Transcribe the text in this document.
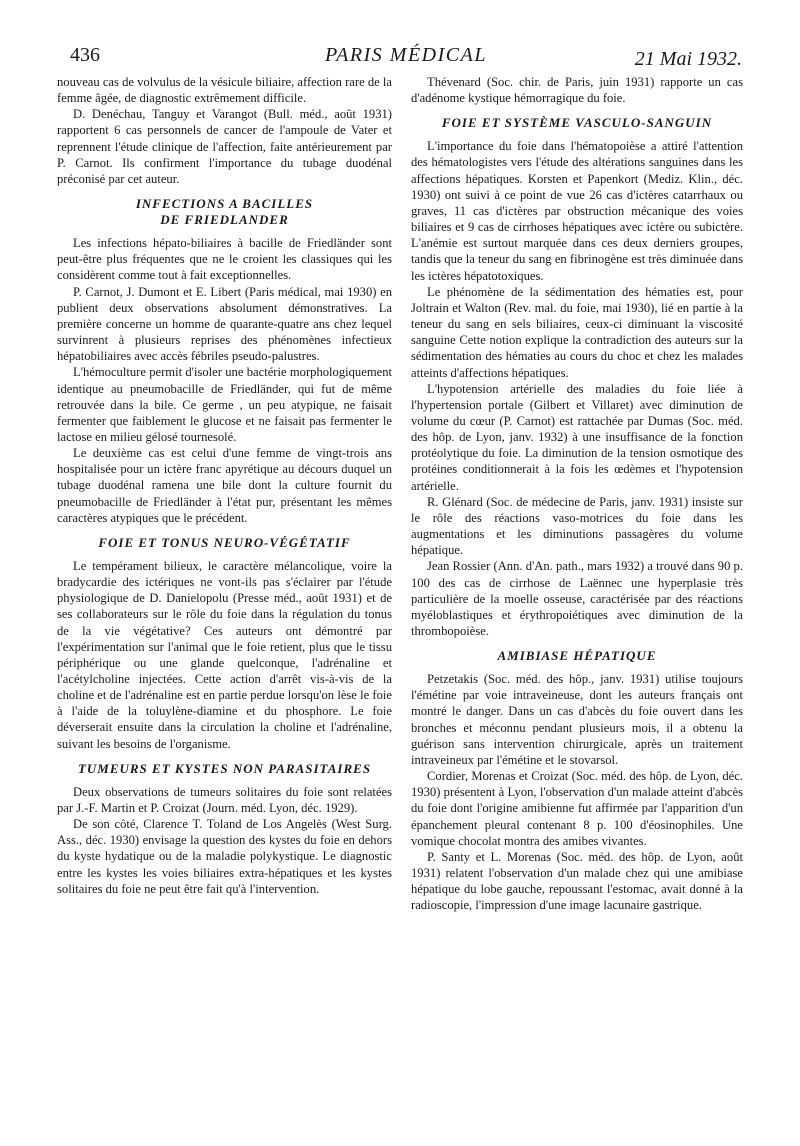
436	PARIS MÉDICAL	21 Mai 1932.

nouveau cas de volvulus de la vésicule biliaire, affection rare de la femme âgée, de diagnostic extrêmement difficile.

D. Denéchau, Tanguy et Varangot (Bull. méd., août 1931) rapportent 6 cas personnels de cancer de l'ampoule de Vater et reprennent l'étude clinique de l'affection, faite antérieurement par P. Carnot. Ils confirment l'importance du tubage duodénal préconisé par cet auteur.

INFECTIONS A BACILLES
DE FRIEDLANDER

Les infections hépato-biliaires à bacille de Friedländer sont peut-être plus fréquentes que ne le croient les classiques qui les considèrent comme tout à fait exceptionnelles.

P. Carnot, J. Dumont et E. Libert (Paris médical, mai 1930) en publient deux observations absolument démonstratives. La première concerne un homme de quarante-quatre ans chez lequel survinrent à plusieurs reprises des phénomènes infectieux hépatobiliaires avec accès fébriles pseudo-palustres.

L'hémoculture permit d'isoler une bactérie morphologiquement identique au pneumobacille de Friedländer, qui fut de même retrouvée dans la bile. Ce germe , un peu atypique, ne faisait fermenter que faiblement le glucose et ne faisait pas fermenter le lactose en milieu gélosé tournesolé.

Le deuxième cas est celui d'une femme de vingt-trois ans hospitalisée pour un ictère franc apyrétique au décours duquel un tubage duodénal ramena une bile dont la culture fournit du pneumobacille de Friedländer à l'état pur, présentant les mêmes caractères atypiques que le précédent.

FOIE ET TONUS NEURO-VÉGÉTATIF

Le tempérament bilieux, le caractère mélancolique, voire la bradycardie des ictériques ne vont-ils pas s'éclairer par l'étude physiologique de D. Danielopolu (Presse méd., août 1931) et de ses collaborateurs sur le rôle du foie dans la régulation du tonus de la vie végétative? Ces auteurs ont démontré par l'expérimentation sur l'animal que le foie retient, plus que le tissu périphérique ou une glande quelconque, l'adrénaline et l'acétylcholine injectées. Cette action d'arrêt vis-à-vis de la choline et de l'adrénaline est en partie perdue lorsqu'on lèse le foie à l'aide de la toluylène-diamine et du phosphore. Le foie déverserait ensuite dans la circulation la choline et l'adrénaline, suivant les besoins de l'organisme.

TUMEURS ET KYSTES NON PARASITAIRES

Deux observations de tumeurs solitaires du foie sont relatées par J.-F. Martin et P. Croizat (Journ. méd. Lyon, déc. 1929).

De son côté, Clarence T. Toland de Los Angelès (West Surg. Ass., déc. 1930) envisage la question des kystes du foie en dehors du kyste hydatique ou de la maladie polykystique. Le diagnostic entre les kystes les voies biliaires extra-hépatiques et les kystes solitaires du foie ne peut être fait qu'à l'intervention.

Thévenard (Soc. chir. de Paris, juin 1931) rapporte un cas d'adénome kystique hémorragique du foie.

FOIE ET SYSTÈME VASCULO-SANGUIN

L'importance du foie dans l'hématopoièse a attiré l'attention des hématologistes vers l'étude des altérations sanguines dans les affections hépatiques. Korsten et Papenkort (Mediz. Klin., déc. 1930) ont suivi à ce point de vue 26 cas d'ictères catarrhaux ou graves, 11 cas d'ictères par obstruction mécanique des voies biliaires et 9 cas de cirrhoses hépatiques avec ictère ou subictère. L'anémie est surtout marquée dans ces deux derniers groupes, tandis que la teneur du sang en fibrinogène est très diminuée dans les ictères hépatotoxiques.

Le phénomène de la sédimentation des hématies est, pour Joltrain et Walton (Rev. mal. du foie, mai 1930), lié en partie à la teneur du sang en sels biliaires, ceux-ci diminuant la viscosité sanguine Cette notion explique la contradiction des auteurs sur la sédimentation des hématies au cours du choc et chez les malades atteints d'affections hépatiques.

L'hypotension artérielle des maladies du foie liée à l'hypertension portale (Gilbert et Villaret) avec diminution de volume du cœur (P. Carnot) est rattachée par Dumas (Soc. méd. des hôp. de Lyon, janv. 1932) à une insuffisance de la fonction protéolytique du foie. La diminution de la tension osmotique des protéines conditionnerait à la fois les œdèmes et l'hypotension artérielle.

R. Glénard (Soc. de médecine de Paris, janv. 1931) insiste sur le rôle des réactions vaso-motrices du foie dans les augmentations et les diminutions passagères du volume hépatique.

Jean Rossier (Ann. d'An. path., mars 1932) a trouvé dans 90 p. 100 des cas de cirrhose de Laënnec une hyperplasie très particulière de la moelle osseuse, caractérisée par des réactions myéloblastiques et érythropoiétiques avec diminution de la thrombopoièse.

AMIBIASE HÉPATIQUE

Petzetakis (Soc. méd. des hôp., janv. 1931) utilise toujours l'émétine par voie intraveineuse, dont les auteurs français ont montré le danger. Dans un cas d'abcès du foie ouvert dans les bronches et méconnu pendant plusieurs mois, il a obtenu la guérison sans intervention chirurgicale, après un traitement intraveineux par l'émétine et le stovarsol.

Cordier, Morenas et Croizat (Soc. méd. des hôp. de Lyon, déc. 1930) présentent à Lyon, l'observation d'un malade atteint d'abcès du foie dont l'origine amibienne fut affirmée par l'apparition d'un épanchement pleural contenant 8 p. 100 d'éosinophiles. Une vomique chocolat montra des amibes vivantes.

P. Santy et L. Morenas (Soc. méd. des hôp. de Lyon, août 1931) relatent l'observation d'un malade chez qui une amibiase hépatique du lobe gauche, repoussant l'estomac, avait donné à la radioscopie, l'impression d'une image lacunaire gastrique.
